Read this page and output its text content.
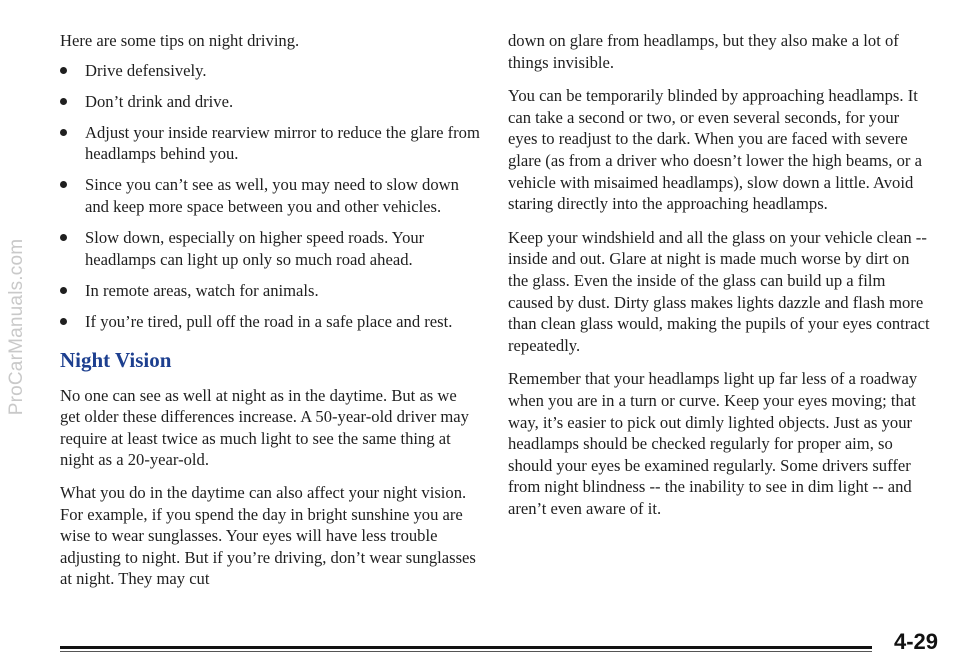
ProCarManuals.com

Here are some tips on night driving.

Drive defensively.
Don’t drink and drive.
Adjust your inside rearview mirror to reduce the glare from headlamps behind you.
Since you can’t see as well, you may need to slow down and keep more space between you and other vehicles.
Slow down, especially on higher speed roads. Your headlamps can light up only so much road ahead.
In remote areas, watch for animals.
If you’re tired, pull off the road in a safe place and rest.
Night Vision

No one can see as well at night as in the daytime. But as we get older these differences increase. A 50-year-old driver may require at least twice as much light to see the same thing at night as a 20-year-old.

What you do in the daytime can also affect your night vision. For example, if you spend the day in bright sunshine you are wise to wear sunglasses. Your eyes will have less trouble adjusting to night. But if you’re driving, don’t wear sunglasses at night. They may cut

down on glare from headlamps, but they also make a lot of things invisible.

You can be temporarily blinded by approaching headlamps. It can take a second or two, or even several seconds, for your eyes to readjust to the dark. When you are faced with severe glare (as from a driver who doesn’t lower the high beams, or a vehicle with misaimed headlamps), slow down a little. Avoid staring directly into the approaching headlamps.

Keep your windshield and all the glass on your vehicle clean -- inside and out. Glare at night is made much worse by dirt on the glass. Even the inside of the glass can build up a film caused by dust. Dirty glass makes lights dazzle and flash more than clean glass would, making the pupils of your eyes contract repeatedly.

Remember that your headlamps light up far less of a roadway when you are in a turn or curve. Keep your eyes moving; that way, it’s easier to pick out dimly lighted objects. Just as your headlamps should be checked regularly for proper aim, so should your eyes be examined regularly. Some drivers suffer from night blindness -- the inability to see in dim light -- and aren’t even aware of it.

4-29
